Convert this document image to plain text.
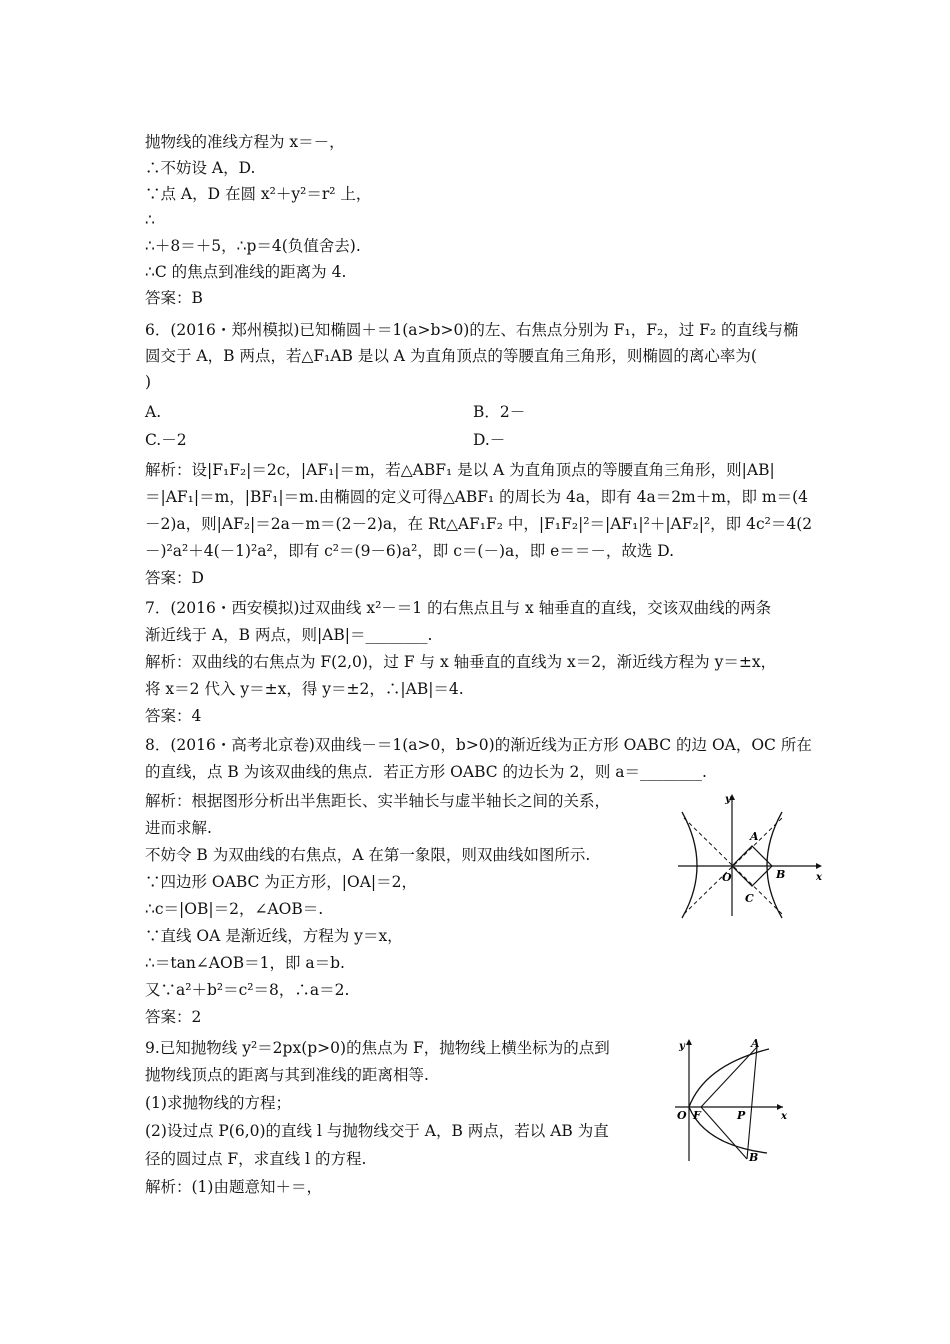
抛物线的准线方程为 x＝－，
∴不妨设 A，D.
∵点 A，D 在圆 x²＋y²＝r² 上，
∴
∴＋8＝＋5，∴p＝4(负值舍去).
∴C 的焦点到准线的距离为 4.
答案：B
6．(2016・郑州模拟)已知椭圆＋＝1(a>b>0)的左、右焦点分别为 F₁，F₂，过 F₂ 的直线与椭
圆交于 A，B 两点，若△F₁AB 是以 A 为直角顶点的等腰直角三角形，则椭圆的离心率为(
)
A.	B．2－
C.－2	D.－
解析：设|F₁F₂|＝2c，|AF₁|＝m，若△ABF₁ 是以 A 为直角顶点的等腰直角三角形，则|AB|
＝|AF₁|＝m，|BF₁|＝m.由椭圆的定义可得△ABF₁ 的周长为 4a，即有 4a＝2m＋m，即 m＝(4
－2)a，则|AF₂|＝2a－m＝(2－2)a，在 Rt△AF₁F₂ 中，|F₁F₂|²＝|AF₁|²＋|AF₂|²，即 4c²＝4(2
－)²a²＋4(－1)²a²，即有 c²＝(9－6)a²，即 c＝(－)a，即 e＝＝－，故选 D.
答案：D
7．(2016・西安模拟)过双曲线 x²－＝1 的右焦点且与 x 轴垂直的直线，交该双曲线的两条
渐近线于 A，B 两点，则|AB|＝________.
解析：双曲线的右焦点为 F(2,0)，过 F 与 x 轴垂直的直线为 x＝2，渐近线方程为 y＝±x，
将 x＝2 代入 y＝±x，得 y＝±2，∴|AB|＝4.
答案：4
8．(2016・高考北京卷)双曲线－＝1(a>0，b>0)的渐近线为正方形 OABC 的边 OA，OC 所在
的直线，点 B 为该双曲线的焦点．若正方形 OABC 的边长为 2，则 a＝________.
解析：根据图形分析出半焦距长、实半轴长与虚半轴长之间的关系，
进而求解.
不妨令 B 为双曲线的右焦点，A 在第一象限，则双曲线如图所示.
∵四边形 OABC 为正方形，|OA|＝2，
∴c＝|OB|＝2，∠AOB＝.
∵直线 OA 是渐近线，方程为 y＝x，
∴＝tan∠AOB＝1，即 a＝b.
又∵a²＋b²＝c²＝8，∴a＝2.
答案：2
9.已知抛物线 y²＝2px(p>0)的焦点为 F，抛物线上横坐标为的点到
抛物线顶点的距离与其到准线的距离相等.
(1)求抛物线的方程；
(2)设过点 P(6,0)的直线 l 与抛物线交于 A，B 两点，若以 AB 为直
径的圆过点 F，求直线 l 的方程.
解析：(1)由题意知＋＝，
y
A
O	B	x
C
y	A
O F	P	x
B
